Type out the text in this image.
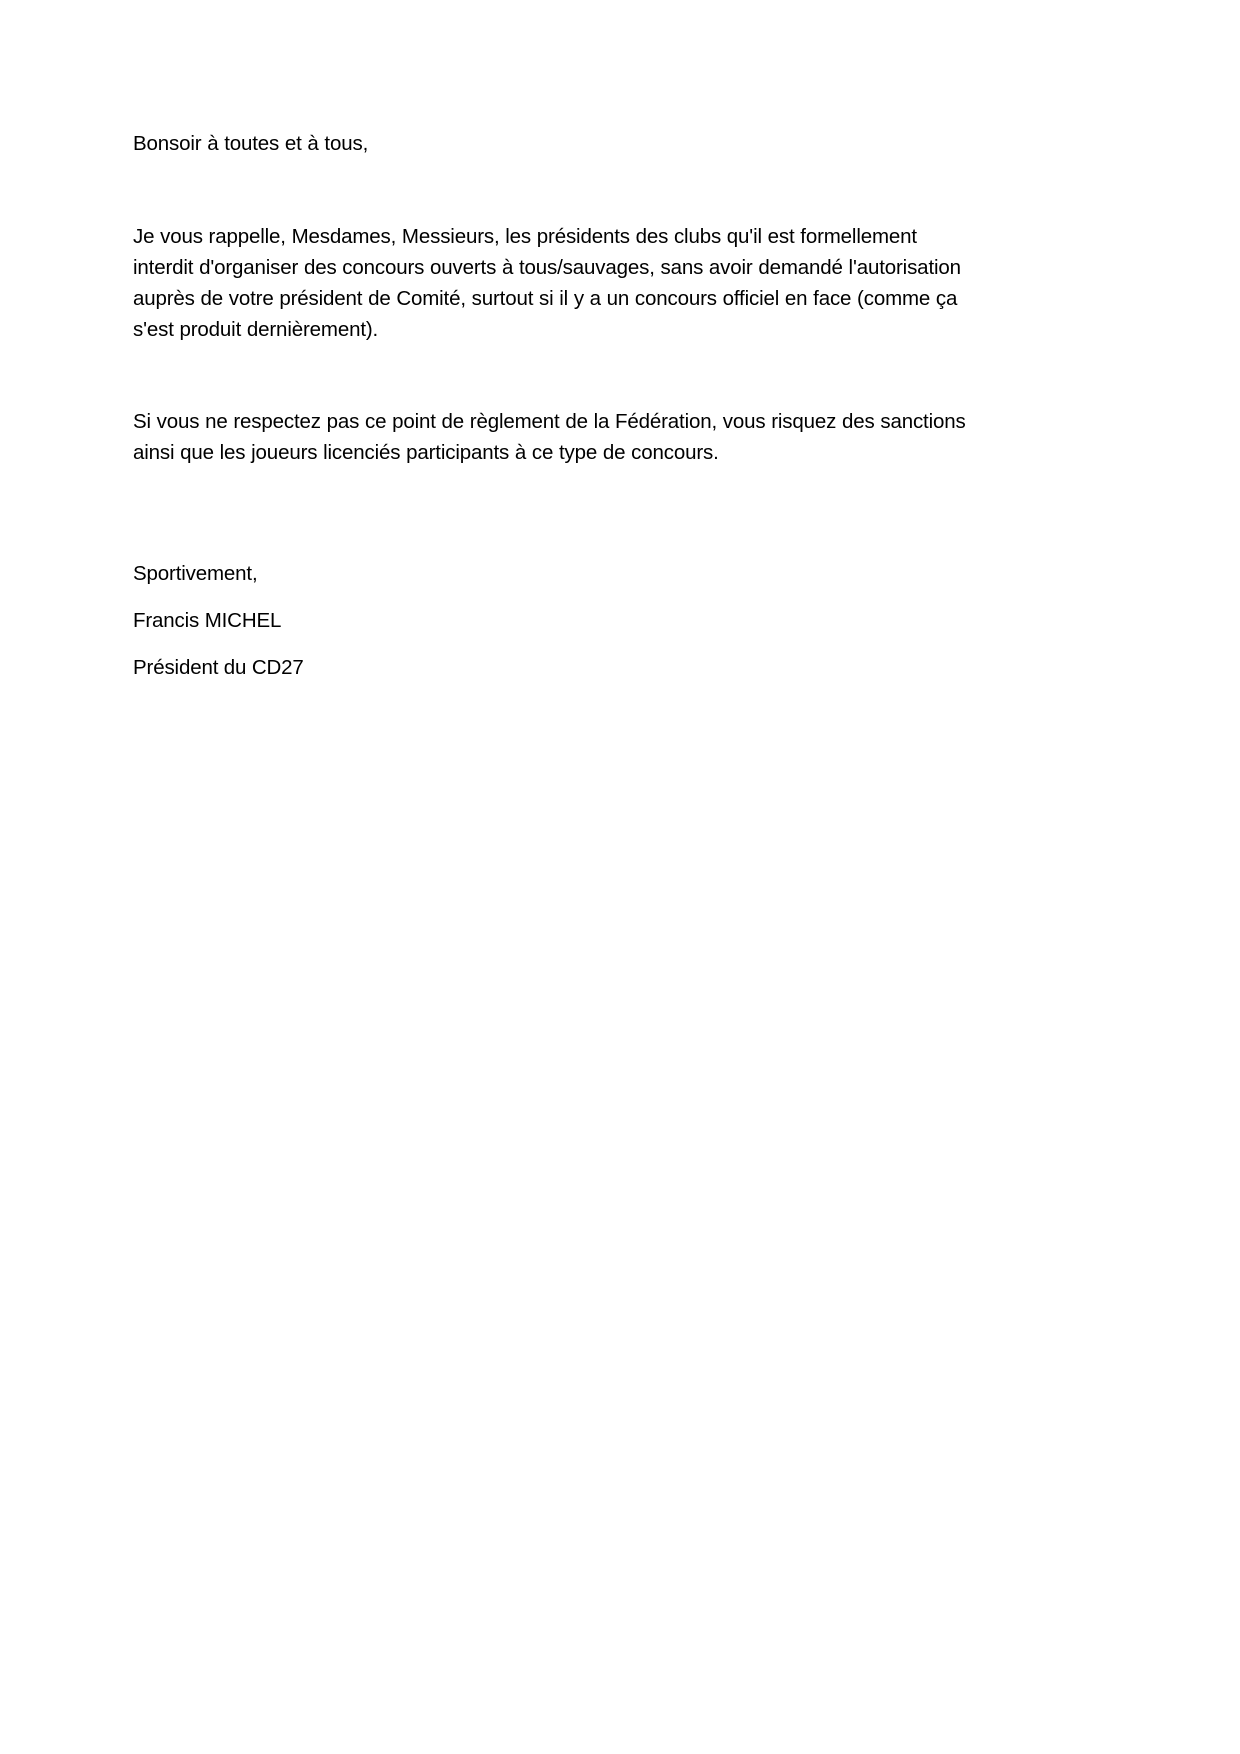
Bonsoir à toutes et à tous,

Je vous rappelle, Mesdames, Messieurs, les présidents des clubs qu'il est formellement interdit d'organiser des concours ouverts à tous/sauvages, sans avoir demandé l'autorisation auprès de votre président de Comité, surtout si il y a un concours officiel en face (comme ça s'est produit dernièrement).

Si vous ne respectez pas ce point de règlement de la Fédération, vous risquez des sanctions ainsi que les joueurs licenciés participants à ce type de concours.

Sportivement,

Francis MICHEL

Président du CD27
